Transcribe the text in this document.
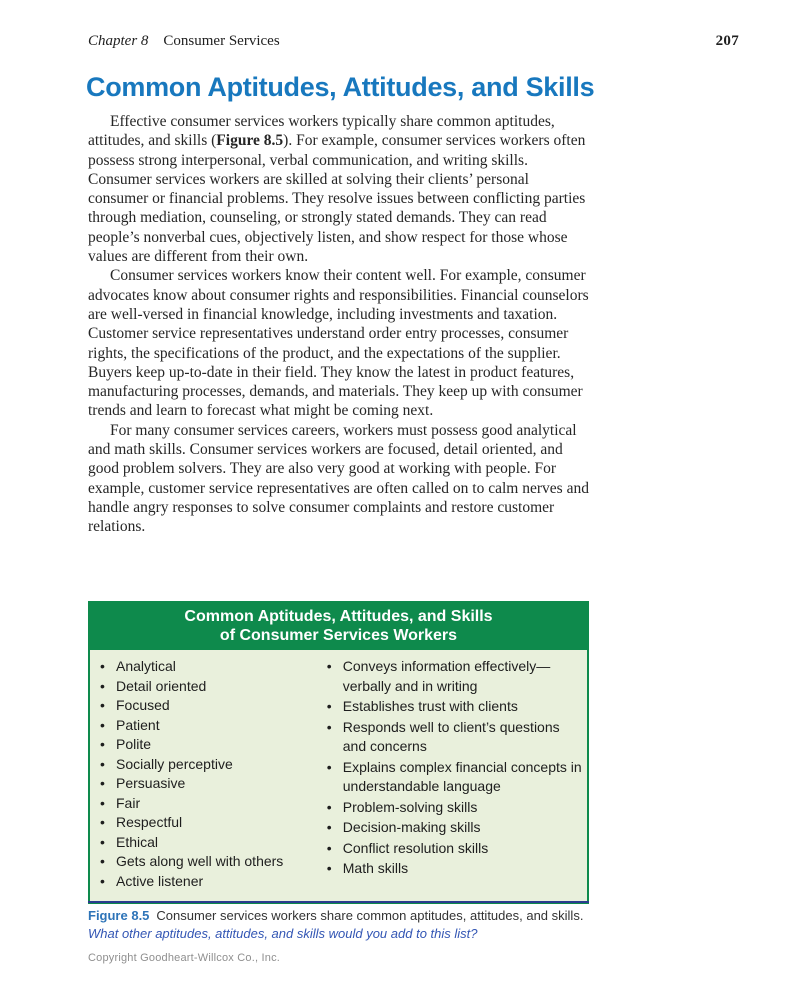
Chapter 8 Consumer Services	207
Common Aptitudes, Attitudes, and Skills

Effective consumer services workers typically share common aptitudes, attitudes, and skills (Figure 8.5). For example, consumer services workers often possess strong interpersonal, verbal communication, and writing skills. Consumer services workers are skilled at solving their clients’ personal consumer or financial problems. They resolve issues between conflicting parties through mediation, counseling, or strongly stated demands. They can read people’s nonverbal cues, objectively listen, and show respect for those whose values are different from their own.

Consumer services workers know their content well. For example, consumer advocates know about consumer rights and responsibilities. Financial counselors are well-versed in financial knowledge, including investments and taxation. Customer service representatives understand order entry processes, consumer rights, the specifications of the product, and the expectations of the supplier. Buyers keep up-to-date in their field. They know the latest in product features, manufacturing processes, demands, and materials. They keep up with consumer trends and learn to forecast what might be coming next.

For many consumer services careers, workers must possess good analytical and math skills. Consumer services workers are focused, detail oriented, and good problem solvers. They are also very good at working with people. For example, customer service representatives are often called on to calm nerves and handle angry responses to solve consumer complaints and restore customer relations.

Common Aptitudes, Attitudes, and Skills
of Consumer Services Workers
• Analytical
• Detail oriented
• Focused
• Patient
• Polite
• Socially perceptive
• Persuasive
• Fair
• Respectful
• Ethical
• Gets along well with others
• Active listener
• Conveys information effectively—verbally and in writing
• Establishes trust with clients
• Responds well to client’s questions and concerns
• Explains complex financial concepts in understandable language
• Problem-solving skills
• Decision-making skills
• Conflict resolution skills
• Math skills

Figure 8.5 Consumer services workers share common aptitudes, attitudes, and skills.

What other aptitudes, attitudes, and skills would you add to this list?

Copyright Goodheart-Willcox Co., Inc.
